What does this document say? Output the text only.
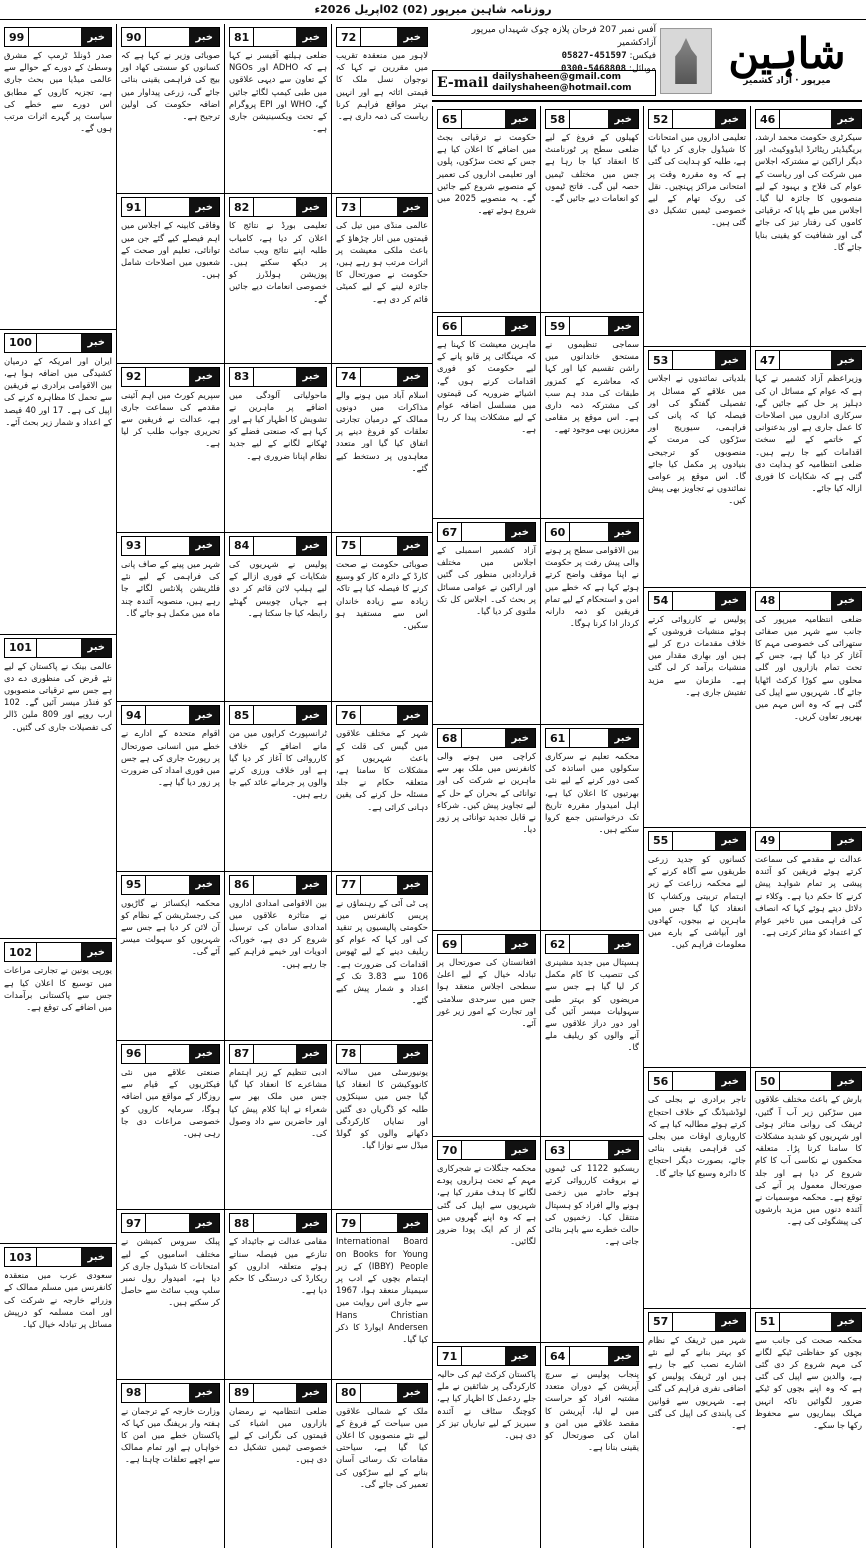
روزنامہ شاہین میرپور (02) 02اپریل 2026ء
شاہین
میرپور · آزاد کشمیر
آفس نمبر 207 فرحان پلازہ چوک شہیداں میرپور آزادکشمیر
فیکس: 05827-451597
موبائل: 0300-5468808
E-mail dailyshaheen@gmail.com
dailyshaheen@hotmail.com
99	خبر
صدر ڈونلڈ ٹرمپ کے مشرق وسطیٰ کے دورے کے حوالے سے عالمی میڈیا میں بحث جاری ہے، تجزیہ کاروں کے مطابق اس دورے سے خطے کی سیاست پر گہرے اثرات مرتب ہوں گے۔
100	خبر
ایران اور امریکہ کے درمیان کشیدگی میں اضافہ ہوا ہے، بین الاقوامی برادری نے فریقین سے تحمل کا مظاہرہ کرنے کی اپیل کی ہے۔ 17 اور 40 فیصد کے اعداد و شمار زیر بحث آئے۔
101	خبر
عالمی بینک نے پاکستان کے لیے نئے قرض کی منظوری دے دی ہے جس سے ترقیاتی منصوبوں کو فنڈز میسر آئیں گے۔ 102 ارب روپے اور 809 ملین ڈالر کی تفصیلات جاری کی گئیں۔
102	خبر
یورپی یونین نے تجارتی مراعات میں توسیع کا اعلان کیا ہے جس سے پاکستانی برآمدات میں اضافے کی توقع ہے۔
103	خبر
سعودی عرب میں منعقدہ کانفرنس میں مسلم ممالک کے وزرائے خارجہ نے شرکت کی اور امت مسلمہ کو درپیش مسائل پر تبادلہ خیال کیا۔
90	خبر
صوبائی وزیر نے کہا ہے کہ کسانوں کو سستی کھاد اور بیج کی فراہمی یقینی بنائی جائے گی، زرعی پیداوار میں اضافہ حکومت کی اولین ترجیح ہے۔
91	خبر
وفاقی کابینہ کے اجلاس میں اہم فیصلے کیے گئے جن میں توانائی، تعلیم اور صحت کے شعبوں میں اصلاحات شامل ہیں۔
92	خبر
سپریم کورٹ میں اہم آئینی مقدمے کی سماعت جاری ہے، عدالت نے فریقین سے تحریری جواب طلب کر لیا ہے۔
93	خبر
شہر میں پینے کے صاف پانی کی فراہمی کے لیے نئے فلٹریشن پلانٹس لگائے جا رہے ہیں، منصوبہ آئندہ چند ماہ میں مکمل ہو جائے گا۔
94	خبر
اقوام متحدہ کے ادارے نے خطے میں انسانی صورتحال پر رپورٹ جاری کی ہے جس میں فوری امداد کی ضرورت پر زور دیا گیا ہے۔
95	خبر
محکمہ ایکسائز نے گاڑیوں کی رجسٹریشن کے نظام کو آن لائن کر دیا ہے جس سے شہریوں کو سہولت میسر آئے گی۔
96	خبر
صنعتی علاقے میں نئی فیکٹریوں کے قیام سے روزگار کے مواقع میں اضافہ ہوگا، سرمایہ کاروں کو خصوصی مراعات دی جا رہی ہیں۔
97	خبر
پبلک سروس کمیشن نے مختلف اسامیوں کے لیے امتحانات کا شیڈول جاری کر دیا ہے، امیدوار رول نمبر سلپ ویب سائٹ سے حاصل کر سکتے ہیں۔
98	خبر
وزارت خارجہ کے ترجمان نے ہفتہ وار بریفنگ میں کہا کہ پاکستان خطے میں امن کا خواہاں ہے اور تمام ممالک سے اچھے تعلقات چاہتا ہے۔
81	خبر
ضلعی ہیلتھ آفیسر نے کہا ہے کہ ADHO اور NGOs کے تعاون سے دیہی علاقوں میں طبی کیمپ لگائے جائیں گے، WHO اور EPI پروگرام کے تحت ویکسینیشن جاری ہے۔
82	خبر
تعلیمی بورڈ نے نتائج کا اعلان کر دیا ہے، کامیاب طلبہ اپنے نتائج ویب سائٹ پر دیکھ سکتے ہیں۔ پوزیشن ہولڈرز کو خصوصی انعامات دیے جائیں گے۔
83	خبر
ماحولیاتی آلودگی میں اضافے پر ماہرین نے تشویش کا اظہار کیا ہے اور کہا ہے کہ صنعتی فضلے کو ٹھکانے لگانے کے لیے جدید نظام اپنانا ضروری ہے۔
84	خبر
پولیس نے شہریوں کی شکایات کے فوری ازالے کے لیے ہیلپ لائن قائم کر دی ہے جہاں چوبیس گھنٹے رابطہ کیا جا سکتا ہے۔
85	خبر
ٹرانسپورٹ کرایوں میں من مانے اضافے کے خلاف کارروائی کا آغاز کر دیا گیا ہے اور خلاف ورزی کرنے والوں پر جرمانے عائد کیے جا رہے ہیں۔
86	خبر
بین الاقوامی امدادی اداروں نے متاثرہ علاقوں میں امدادی سامان کی ترسیل شروع کر دی ہے، خوراک، ادویات اور خیمے فراہم کیے جا رہے ہیں۔
87	خبر
ادبی تنظیم کے زیر اہتمام مشاعرے کا انعقاد کیا گیا جس میں ملک بھر سے شعراء نے اپنا کلام پیش کیا اور حاضرین سے داد وصول کی۔
88	خبر
مقامی عدالت نے جائیداد کے تنازعے میں فیصلہ سناتے ہوئے متعلقہ اداروں کو ریکارڈ کی درستگی کا حکم دیا ہے۔
89	خبر
ضلعی انتظامیہ نے رمضان بازاروں میں اشیاء کی قیمتوں کی نگرانی کے لیے خصوصی ٹیمیں تشکیل دے دی ہیں۔
72	خبر
لاہور میں منعقدہ تقریب میں مقررین نے کہا کہ نوجوان نسل ملک کا قیمتی اثاثہ ہے اور انہیں بہتر مواقع فراہم کرنا ریاست کی ذمہ داری ہے۔
73	خبر
عالمی منڈی میں تیل کی قیمتوں میں اتار چڑھاؤ کے باعث ملکی معیشت پر اثرات مرتب ہو رہے ہیں، حکومت نے صورتحال کا جائزہ لینے کے لیے کمیٹی قائم کر دی ہے۔
74	خبر
اسلام آباد میں ہونے والے مذاکرات میں دونوں ممالک کے درمیان تجارتی تعلقات کو فروغ دینے پر اتفاق کیا گیا اور متعدد معاہدوں پر دستخط کیے گئے۔
75	خبر
صوبائی حکومت نے صحت کارڈ کے دائرہ کار کو وسیع کرنے کا فیصلہ کیا ہے تاکہ زیادہ سے زیادہ خاندان اس سے مستفید ہو سکیں۔
76	خبر
شہر کے مختلف علاقوں میں گیس کی قلت کے باعث شہریوں کو مشکلات کا سامنا ہے، متعلقہ حکام نے جلد مسئلہ حل کرنے کی یقین دہانی کرائی ہے۔
77	خبر
پی ٹی آئی کے رہنماؤں نے پریس کانفرنس میں حکومتی پالیسیوں پر تنقید کی اور کہا کہ عوام کو ریلیف دینے کے لیے ٹھوس اقدامات کی ضرورت ہے۔ 106 سے 3.83 تک کے اعداد و شمار پیش کیے گئے۔
78	خبر
یونیورسٹی میں سالانہ کانووکیشن کا انعقاد کیا گیا جس میں سینکڑوں طلبہ کو ڈگریاں دی گئیں اور نمایاں کارکردگی دکھانے والوں کو گولڈ میڈل سے نوازا گیا۔
79	خبر
International Board on Books for Young (IBBY) People کے زیر اہتمام بچوں کے ادب پر سیمینار منعقد ہوا، 1967 سے جاری اس روایت میں Hans Christian Andersen ایوارڈ کا ذکر کیا گیا۔
80	خبر
ملک کے شمالی علاقوں میں سیاحت کے فروغ کے لیے نئے منصوبوں کا اعلان کیا گیا ہے، سیاحتی مقامات تک رسائی آسان بنانے کے لیے سڑکوں کی تعمیر کی جائے گی۔
65	خبر
حکومت نے ترقیاتی بجٹ میں اضافے کا اعلان کیا ہے جس کے تحت سڑکوں، پلوں اور تعلیمی اداروں کی تعمیر کے منصوبے شروع کیے جائیں گے۔ یہ منصوبے 2025 میں شروع ہوئے تھے۔
66	خبر
ماہرین معیشت کا کہنا ہے کہ مہنگائی پر قابو پانے کے لیے حکومت کو فوری اقدامات کرنے ہوں گے، اشیائے ضروریہ کی قیمتوں میں مسلسل اضافہ عوام کے لیے مشکلات پیدا کر رہا ہے۔
67	خبر
آزاد کشمیر اسمبلی کے اجلاس میں مختلف قراردادیں منظور کی گئیں اور اراکین نے عوامی مسائل پر بحث کی۔ اجلاس کل تک ملتوی کر دیا گیا۔
68	خبر
کراچی میں ہونے والی کانفرنس میں ملک بھر سے ماہرین نے شرکت کی اور توانائی کے بحران کے حل کے لیے تجاویز پیش کیں۔ شرکاء نے قابل تجدید توانائی پر زور دیا۔
69	خبر
افغانستان کی صورتحال پر تبادلہ خیال کے لیے اعلیٰ سطحی اجلاس منعقد ہوا جس میں سرحدی سلامتی اور تجارت کے امور زیر غور آئے۔
70	خبر
محکمہ جنگلات نے شجرکاری مہم کے تحت ہزاروں پودے لگانے کا ہدف مقرر کیا ہے، شہریوں سے اپیل کی گئی ہے کہ وہ اپنے گھروں میں کم از کم ایک پودا ضرور لگائیں۔
71	خبر
پاکستان کرکٹ ٹیم کی حالیہ کارکردگی پر شائقین نے ملے جلے ردعمل کا اظہار کیا ہے، کوچنگ سٹاف نے آئندہ سیریز کے لیے تیاریاں تیز کر دی ہیں۔
58	خبر
کھیلوں کے فروغ کے لیے ضلعی سطح پر ٹورنامنٹ کا انعقاد کیا جا رہا ہے جس میں مختلف ٹیمیں حصہ لیں گی۔ فاتح ٹیموں کو انعامات دیے جائیں گے۔
59	خبر
سماجی تنظیموں نے مستحق خاندانوں میں راشن تقسیم کیا اور کہا کہ معاشرے کے کمزور طبقات کی مدد ہم سب کی مشترکہ ذمہ داری ہے۔ اس موقع پر مقامی معززین بھی موجود تھے۔
60	خبر
بین الاقوامی سطح پر ہونے والی پیش رفت پر حکومت نے اپنا موقف واضح کرتے ہوئے کہا ہے کہ خطے میں امن و استحکام کے لیے تمام فریقین کو ذمہ دارانہ کردار ادا کرنا ہوگا۔
61	خبر
محکمہ تعلیم نے سرکاری سکولوں میں اساتذہ کی کمی دور کرنے کے لیے نئی بھرتیوں کا اعلان کیا ہے، اہل امیدوار مقررہ تاریخ تک درخواستیں جمع کروا سکتے ہیں۔
62	خبر
ہسپتال میں جدید مشینری کی تنصیب کا کام مکمل کر لیا گیا ہے جس سے مریضوں کو بہتر طبی سہولیات میسر آئیں گی اور دور دراز علاقوں سے آنے والوں کو ریلیف ملے گا۔
63	خبر
ریسکیو 1122 کی ٹیموں نے بروقت کارروائی کرتے ہوئے حادثے میں زخمی ہونے والے افراد کو ہسپتال منتقل کیا۔ زخمیوں کی حالت خطرے سے باہر بتائی جاتی ہے۔
64	خبر
پنجاب پولیس نے سرچ آپریشن کے دوران متعدد مشتبہ افراد کو حراست میں لے لیا، آپریشن کا مقصد علاقے میں امن و امان کی صورتحال کو یقینی بنانا ہے۔
52	خبر
تعلیمی اداروں میں امتحانات کا شیڈول جاری کر دیا گیا ہے، طلبہ کو ہدایت کی گئی ہے کہ وہ مقررہ وقت پر امتحانی مراکز پہنچیں۔ نقل کی روک تھام کے لیے خصوصی ٹیمیں تشکیل دی گئی ہیں۔
53	خبر
بلدیاتی نمائندوں نے اجلاس میں علاقے کے مسائل پر تفصیلی گفتگو کی اور فیصلہ کیا کہ پانی کی فراہمی، سیوریج اور سڑکوں کی مرمت کے منصوبوں کو ترجیحی بنیادوں پر مکمل کیا جائے گا۔ اس موقع پر عوامی نمائندوں نے تجاویز بھی پیش کیں۔
54	خبر
پولیس نے کارروائی کرتے ہوئے منشیات فروشوں کے خلاف مقدمات درج کر لیے ہیں اور بھاری مقدار میں منشیات برآمد کر لی گئی ہے۔ ملزمان سے مزید تفتیش جاری ہے۔
55	خبر
کسانوں کو جدید زرعی طریقوں سے آگاہ کرنے کے لیے محکمہ زراعت کے زیر اہتمام تربیتی ورکشاپ کا انعقاد کیا گیا جس میں ماہرین نے بیجوں، کھادوں اور آبپاشی کے بارے میں معلومات فراہم کیں۔
56	خبر
تاجر برادری نے بجلی کی لوڈشیڈنگ کے خلاف احتجاج کرتے ہوئے مطالبہ کیا ہے کہ کاروباری اوقات میں بجلی کی فراہمی یقینی بنائی جائے، بصورت دیگر احتجاج کا دائرہ وسیع کیا جائے گا۔
57	خبر
شہر میں ٹریفک کے نظام کو بہتر بنانے کے لیے نئے اشارے نصب کیے جا رہے ہیں اور ٹریفک پولیس کو اضافی نفری فراہم کی گئی ہے۔ شہریوں سے قوانین کی پابندی کی اپیل کی گئی ہے۔
46	خبر
سیکرٹری حکومت محمد ارشد، بریگیڈیئر ریٹائرڈ ایڈووکیٹ، اور دیگر اراکین نے مشترکہ اجلاس میں شرکت کی اور ریاست کے عوام کی فلاح و بہبود کے لیے منصوبوں کا جائزہ لیا گیا۔ اجلاس میں طے پایا کہ ترقیاتی کاموں کی رفتار تیز کی جائے گی اور شفافیت کو یقینی بنایا جائے گا۔
47	خبر
وزیراعظم آزاد کشمیر نے کہا ہے کہ عوام کے مسائل ان کی دہلیز پر حل کیے جائیں گے، سرکاری اداروں میں اصلاحات کا عمل جاری ہے اور بدعنوانی کے خاتمے کے لیے سخت اقدامات کیے جا رہے ہیں۔ ضلعی انتظامیہ کو ہدایت دی گئی ہے کہ شکایات کا فوری ازالہ کیا جائے۔
48	خبر
ضلعی انتظامیہ میرپور کی جانب سے شہر میں صفائی ستھرائی کی خصوصی مہم کا آغاز کر دیا گیا ہے، جس کے تحت تمام بازاروں اور گلی محلوں سے کوڑا کرکٹ اٹھایا جائے گا۔ شہریوں سے اپیل کی گئی ہے کہ وہ اس مہم میں بھرپور تعاون کریں۔
49	خبر
عدالت نے مقدمے کی سماعت کرتے ہوئے فریقین کو آئندہ پیشی پر تمام شواہد پیش کرنے کا حکم دیا ہے۔ وکلاء نے دلائل دیتے ہوئے کہا کہ انصاف کی فراہمی میں تاخیر عوام کے اعتماد کو متاثر کرتی ہے۔
50	خبر
بارش کے باعث مختلف علاقوں میں سڑکیں زیر آب آ گئیں، ٹریفک کی روانی متاثر ہوئی اور شہریوں کو شدید مشکلات کا سامنا کرنا پڑا۔ متعلقہ محکموں نے نکاسی آب کا کام شروع کر دیا ہے اور جلد صورتحال معمول پر آنے کی توقع ہے۔ محکمہ موسمیات نے آئندہ دنوں میں مزید بارشوں کی پیشگوئی کی ہے۔
51	خبر
محکمہ صحت کی جانب سے بچوں کو حفاظتی ٹیکے لگانے کی مہم شروع کر دی گئی ہے، والدین سے اپیل کی گئی ہے کہ وہ اپنے بچوں کو ٹیکے ضرور لگوائیں تاکہ انہیں مہلک بیماریوں سے محفوظ رکھا جا سکے۔
